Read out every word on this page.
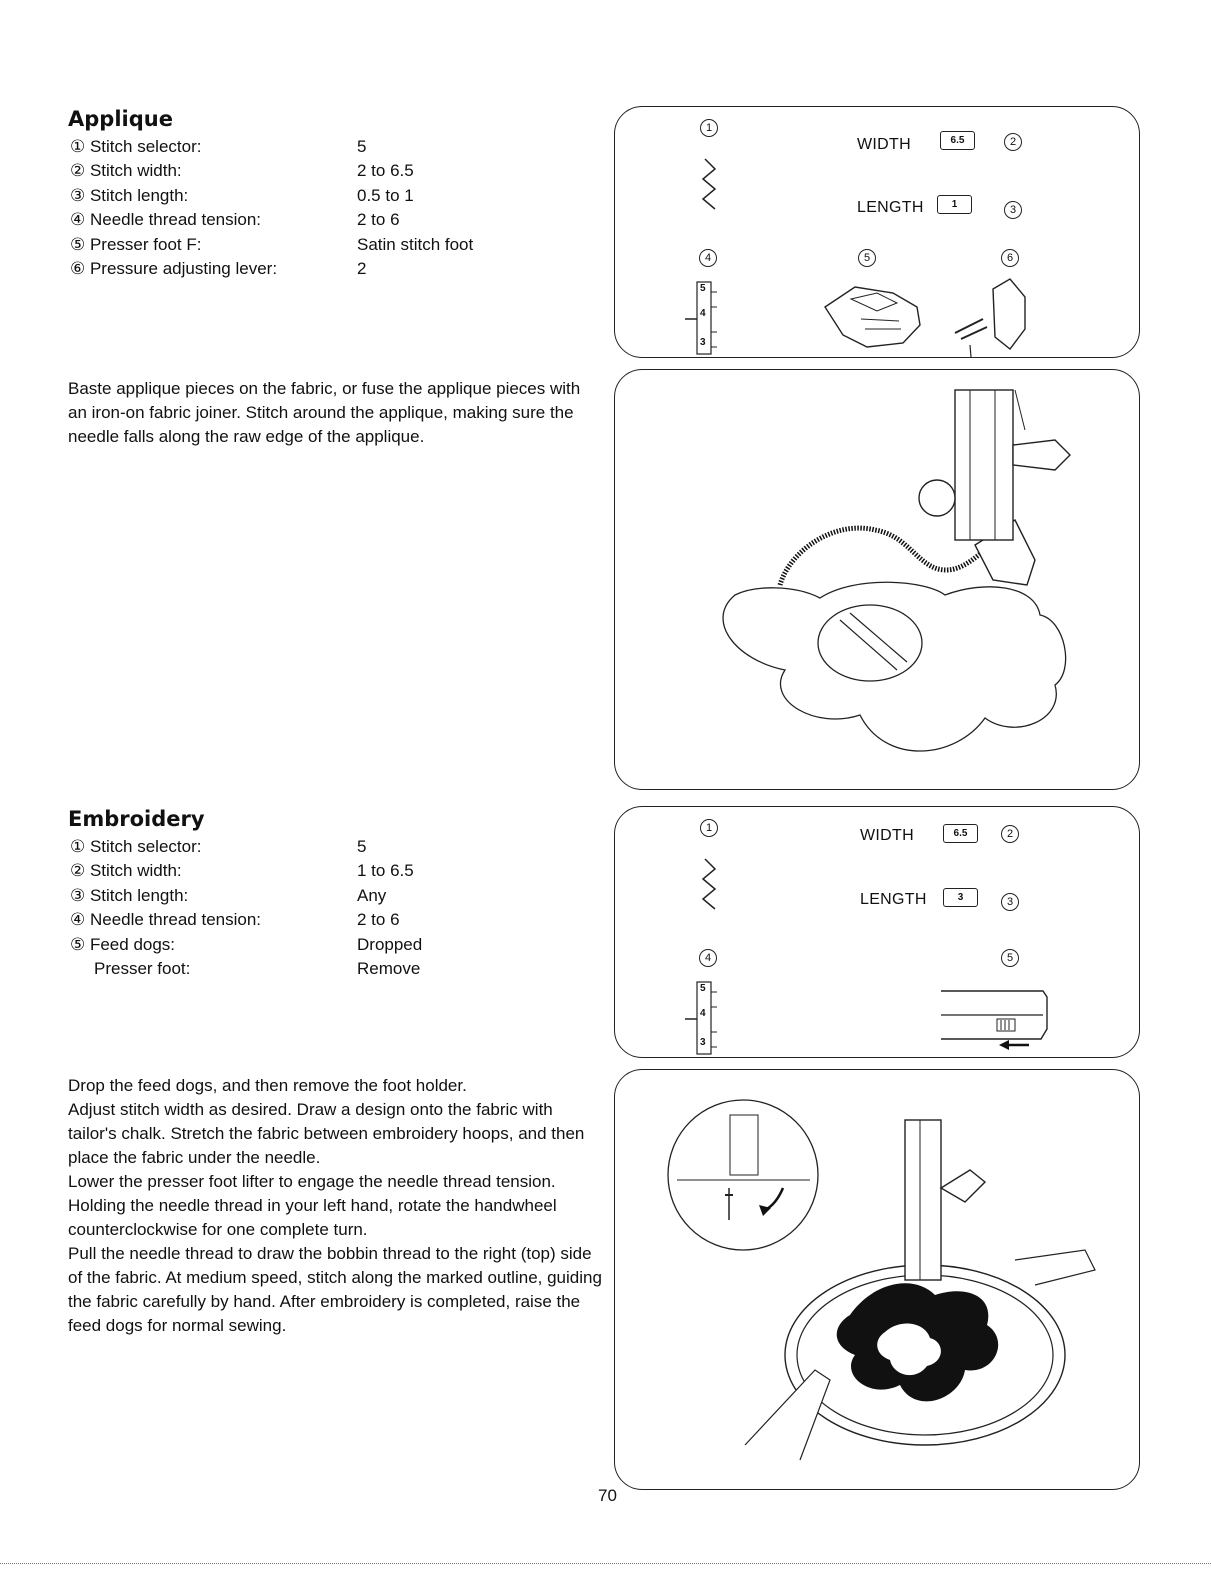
Applique
① Stitch selector:	5
② Stitch width:	2 to 6.5
③ Stitch length:	0.5 to 1
④ Needle thread tension:	2 to 6
⑤ Presser foot F:	Satin stitch foot
⑥ Pressure adjusting lever:	2

Baste applique pieces on the fabric, or fuse the applique pieces with an iron-on fabric joiner. Stitch around the applique, making sure the needle falls along the raw edge of the applique.

1
WIDTH	6.5	2
LENGTH	1	3
4	5	6
5
4
3
Embroidery
① Stitch selector:	5
② Stitch width:	1 to 6.5
③ Stitch length:	Any
④ Needle thread tension:	2 to 6
⑤ Feed dogs:	Dropped
Presser foot:	Remove
Drop the feed dogs, and then remove the foot holder.
Adjust stitch width as desired. Draw a design onto the fabric with tailor's chalk. Stretch the fabric between embroidery hoops, and then place the fabric under the needle.
Lower the presser foot lifter to engage the needle thread tension. Holding the needle thread in your left hand, rotate the handwheel counterclockwise for one complete turn.
Pull the needle thread to draw the bobbin thread to the right (top) side of the fabric. At medium speed, stitch along the marked outline, guiding the fabric carefully by hand. After embroidery is completed, raise the feed dogs for normal sewing.
1	WIDTH	6.5	2
LENGTH	3	3
4	5
5
4
3
70
